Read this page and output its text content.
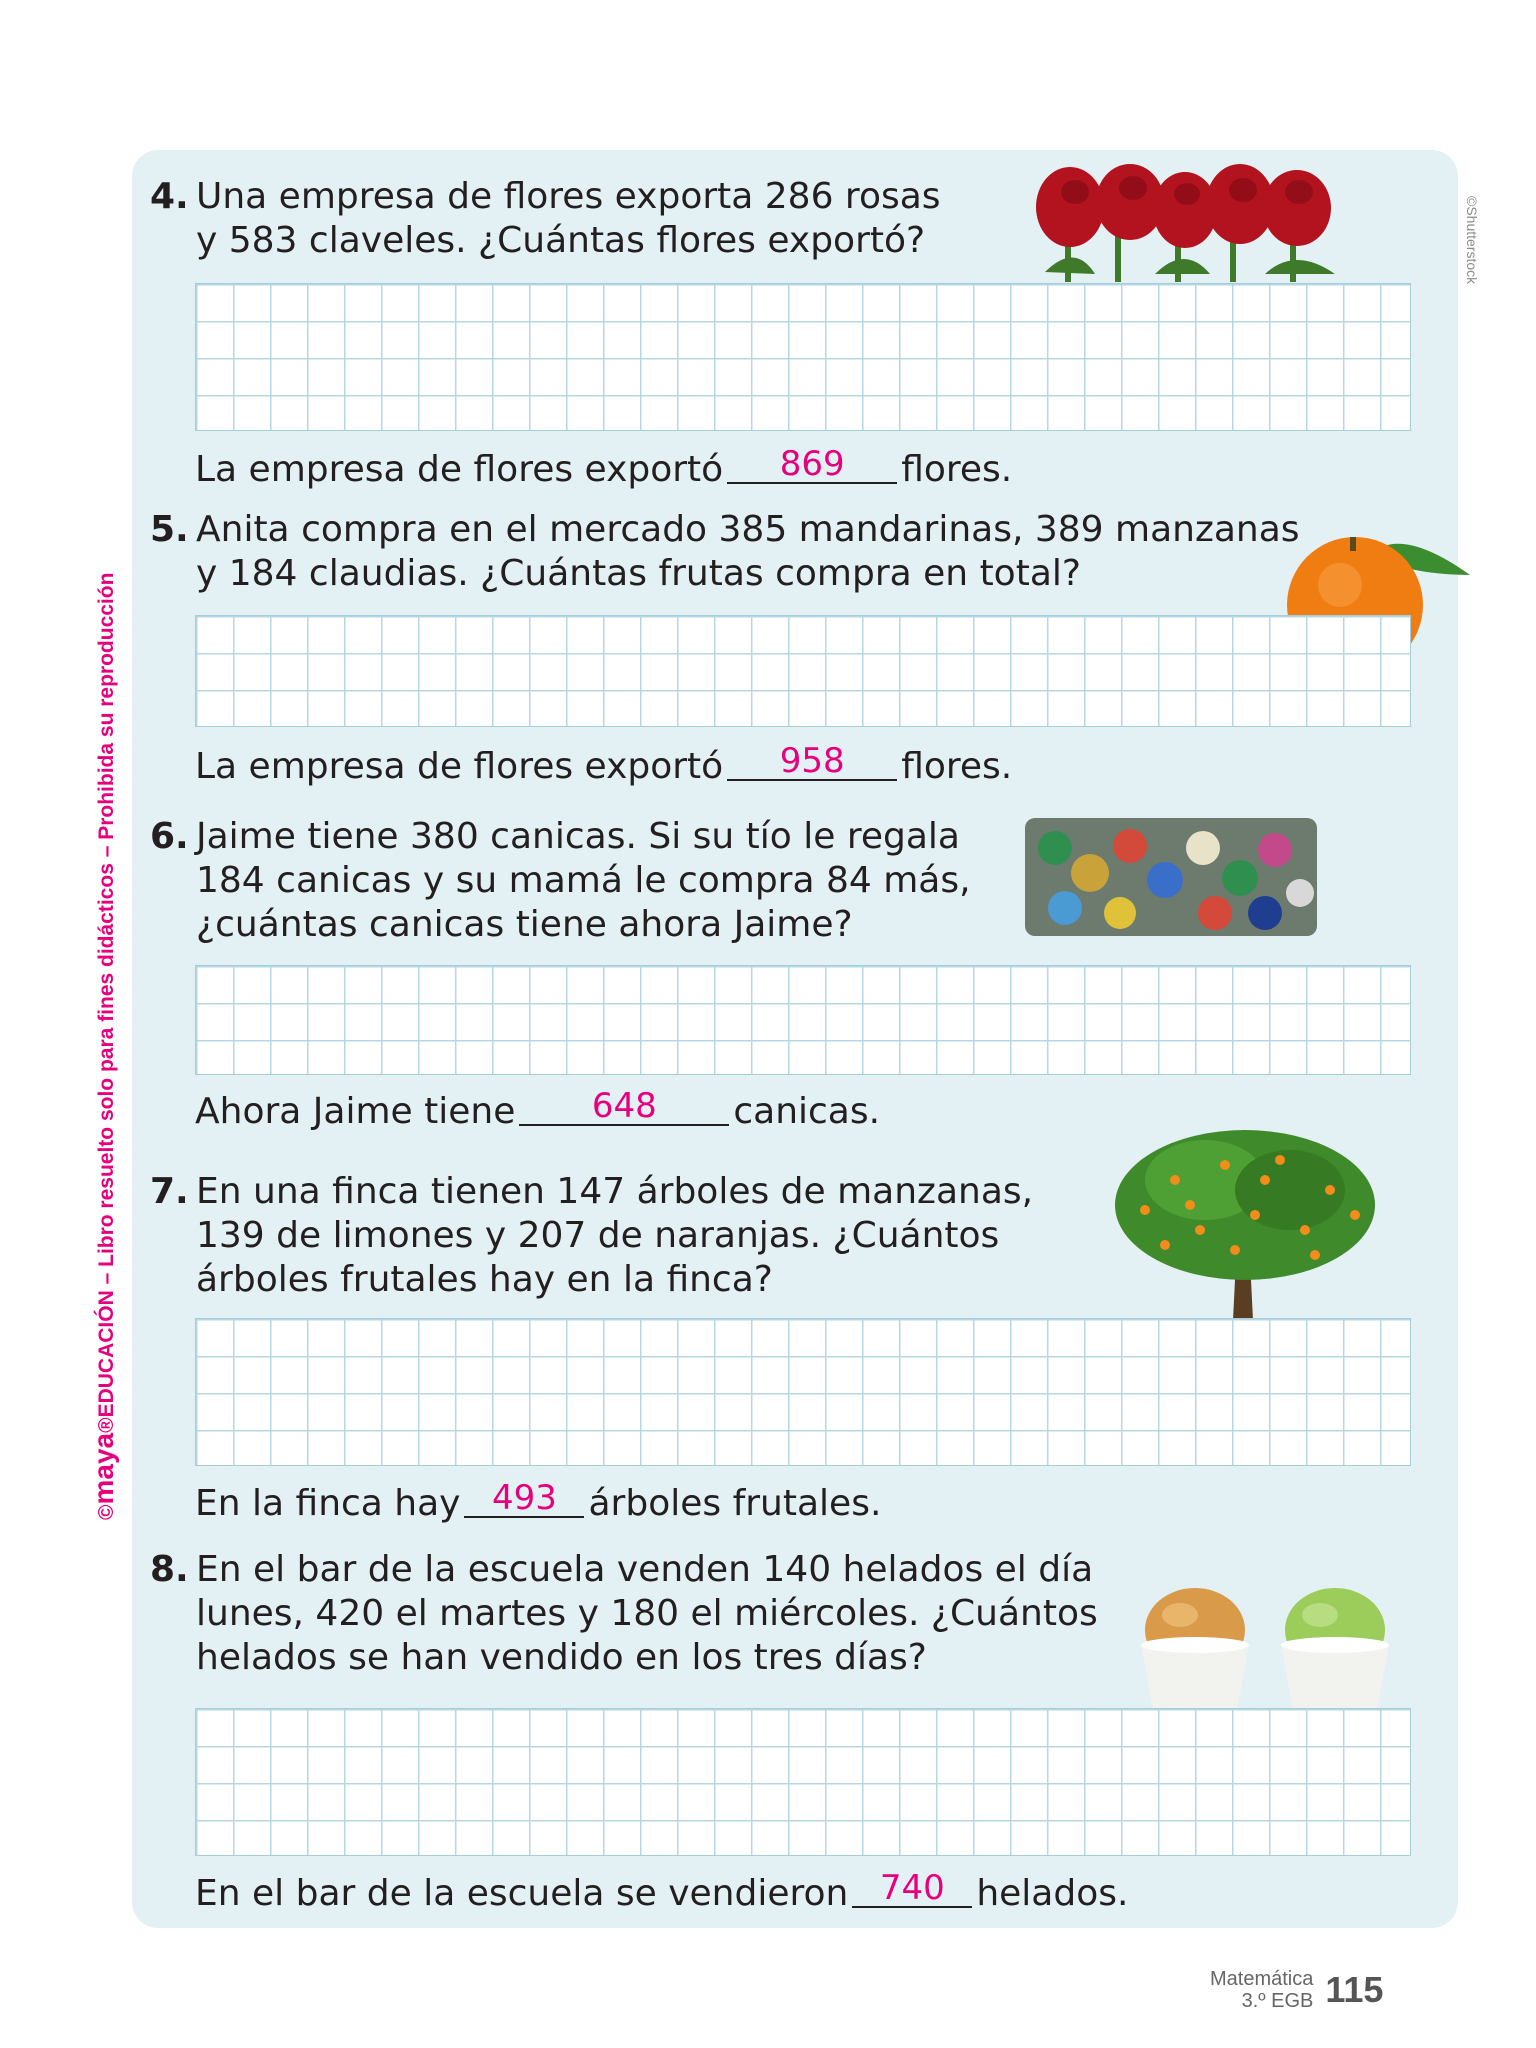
©maya®EDUCACIÓN – Libro resuelto solo para fines didácticos – Prohibida su reproducción
©Shutterstock
4. Una empresa de flores exporta 286 rosas
y 583 claveles. ¿Cuántas flores exportó?
La empresa de flores exportó 869 flores.
5. Anita compra en el mercado 385 mandarinas, 389 manzanas
y 184 claudias. ¿Cuántas frutas compra en total?
La empresa de flores exportó 958 flores.
6. Jaime tiene 380 canicas. Si su tío le regala
184 canicas y su mamá le compra 84 más,
¿cuántas canicas tiene ahora Jaime?
Ahora Jaime tiene 648 canicas.
7. En una finca tienen 147 árboles de manzanas,
139 de limones y 207 de naranjas. ¿Cuántos
árboles frutales hay en la finca?
En la finca hay 493 árboles frutales.
8. En el bar de la escuela venden 140 helados el día
lunes, 420 el martes y 180 el miércoles. ¿Cuántos
helados se han vendido en los tres días?
En el bar de la escuela se vendieron 740 helados.
Matemática
3.º EGB 115
